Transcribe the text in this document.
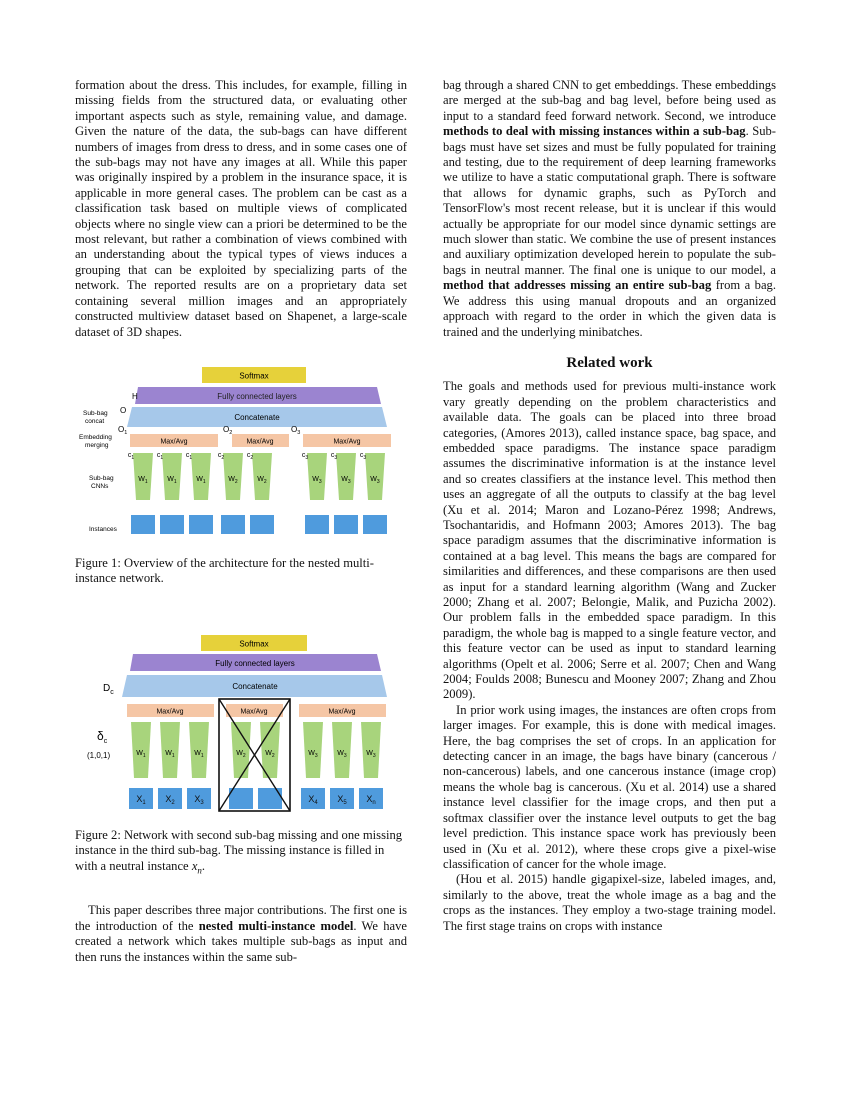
formation about the dress. This includes, for example, filling in missing fields from the structured data, or evaluating other important aspects such as style, remaining value, and damage. Given the nature of the data, the sub-bags can have different numbers of images from dress to dress, and in some cases one of the sub-bags may not have any images at all. While this paper was originally inspired by a problem in the insurance space, it is applicable in more general cases. The problem can be cast as a classification task based on multiple views of complicated objects where no single view can a priori be determined to be the most relevant, but rather a combination of views combined with an understanding about the typical types of views induces a grouping that can be exploited by specializing parts of the network. The reported results are on a proprietary data set containing several million images and an appropriately constructed multiview dataset based on Shapenet, a large-scale dataset of 3D shapes.

Softmax
Fully connected layers
H
Concatenate
O
Sub-bag
concat
Max/Avg	Max/Avg	Max/Avg
$O_1$	$O_2$	$O_3$
Embedding
merging
$W_1$
$c_1$
$W_1$
$c_1$
$W_1$
$c_1$
$W_2$
$c_2$
$W_2$
$c_2$
$W_3$
$c_3$
$W_3$
$c_3$
$W_3$
$c_3$
Sub-bag
CNNs
Instances

Figure 1: Overview of the architecture for the nested multi-instance network.

Softmax
Fully connected layers
Concatenate
$D_c$
Max/Avg	Max/Avg	Max/Avg
$\delta_c$
(1,0,1)	$W_1$	$W_1$	$W_1$	$W_2$	$W_2$	$W_3$	$W_3$	$W_3$
$X_1$ $X_2$ $X_3$	$X_4$ $X_5$ $X_n$

Figure 2: Network with second sub-bag missing and one missing instance in the third sub-bag. The missing instance is filled in with a neutral instance $x_n$.

This paper describes three major contributions. The first one is the introduction of the nested multi-instance model. We have created a network which takes multiple sub-bags as input and then runs the instances within the same sub-

bag through a shared CNN to get embeddings. These embeddings are merged at the sub-bag and bag level, before being used as input to a standard feed forward network. Second, we introduce methods to deal with missing instances within a sub-bag. Sub-bags must have set sizes and must be fully populated for training and testing, due to the requirement of deep learning frameworks we utilize to have a static computational graph. There is software that allows for dynamic graphs, such as PyTorch and TensorFlow's most recent release, but it is unclear if this would actually be appropriate for our model since dynamic settings are much slower than static. We combine the use of present instances and auxiliary optimization developed herein to populate the sub-bags in neutral manner. The final one is unique to our model, a method that addresses missing an entire sub-bag from a bag. We address this using manual dropouts and an organized approach with regard to the order in which the given data is trained and the underlying minibatches.

Related work

The goals and methods used for previous multi-instance work vary greatly depending on the problem characteristics and available data. The goals can be placed into three broad categories, (Amores 2013), called instance space, bag space, and embedded space paradigms. The instance space paradigm assumes the discriminative information is at the instance level and so creates classifiers at the instance level. This method then uses an aggregate of all the outputs to classify at the bag level (Xu et al. 2014; Maron and Lozano-Pérez 1998; Andrews, Tsochantaridis, and Hofmann 2003; Amores 2013). The bag space paradigm assumes that the discriminative information is contained at a bag level. This means the bags are compared for similarities and differences, and these comparisons are then used as input for a standard learning algorithm (Wang and Zucker 2000; Zhang et al. 2007; Belongie, Malik, and Puzicha 2002). Our problem falls in the embedded space paradigm. In this paradigm, the whole bag is mapped to a single feature vector, and this feature vector can be used as input to standard learning algorithms (Opelt et al. 2006; Serre et al. 2007; Chen and Wang 2004; Foulds 2008; Bunescu and Mooney 2007; Zhang and Zhou 2009).

In prior work using images, the instances are often crops from larger images. For example, this is done with medical images. Here, the bag comprises the set of crops. In an application for detecting cancer in an image, the bags have binary (cancerous / non-cancerous) labels, and one cancerous instance (image crop) means the whole bag is cancerous. (Xu et al. 2014) use a shared instance level classifier for the image crops, and then put a softmax classifier over the instance level outputs to get the bag level prediction. This instance space work has previously been used in (Xu et al. 2012), where these crops give a pixel-wise classification of cancer for the whole image.

(Hou et al. 2015) handle gigapixel-size, labeled images, and, similarly to the above, treat the whole image as a bag and the crops as the instances. They employ a two-stage training model. The first stage trains on crops with instance
